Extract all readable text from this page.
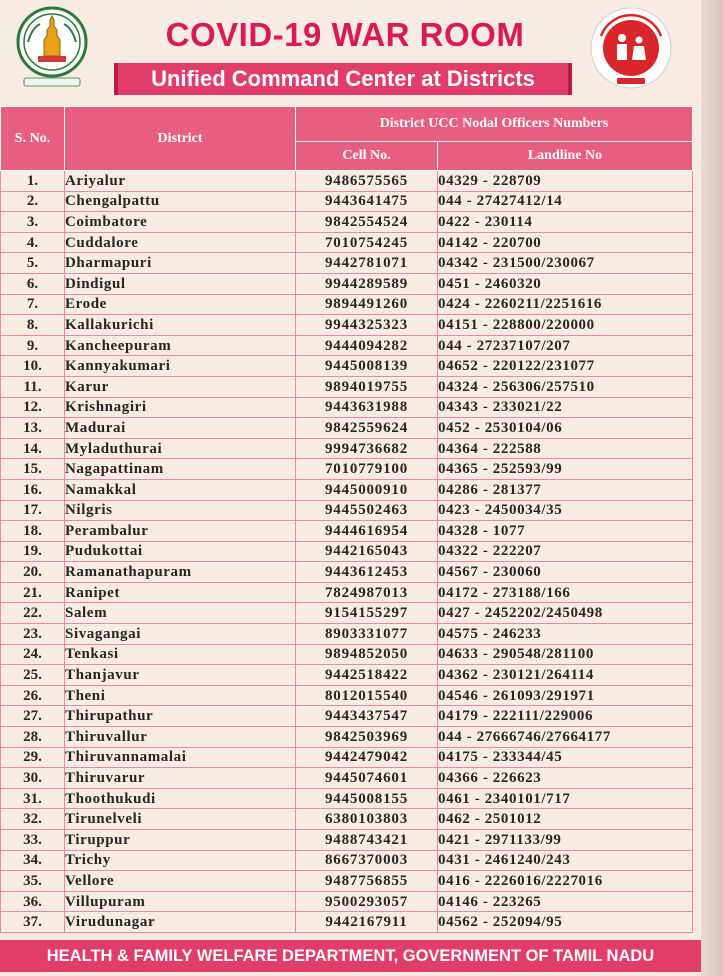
COVID-19 WAR ROOM
Unified Command Center at Districts
S. No.	District	District UCC Nodal Officers Numbers	
		Cell No.	Landline No
1.	Ariyalur	9486575565	04329 - 228709
2.	Chengalpattu	9443641475	044 - 27427412/14
3.	Coimbatore	9842554524	0422 - 230114
4.	Cuddalore	7010754245	04142 - 220700
5.	Dharmapuri	9442781071	04342 - 231500/230067
6.	Dindigul	9944289589	0451 - 2460320
7.	Erode	9894491260	0424 - 2260211/2251616
8.	Kallakurichi	9944325323	04151 - 228800/220000
9.	Kancheepuram	9444094282	044 - 27237107/207
10.	Kannyakumari	9445008139	04652 - 220122/231077
11.	Karur	9894019755	04324 - 256306/257510
12.	Krishnagiri	9443631988	04343 - 233021/22
13.	Madurai	9842559624	0452 - 2530104/06
14.	Myladuthurai	9994736682	04364 - 222588
15.	Nagapattinam	7010779100	04365 - 252593/99
16.	Namakkal	9445000910	04286 - 281377
17.	Nilgris	9445502463	0423 - 2450034/35
18.	Perambalur	9444616954	04328 - 1077
19.	Pudukottai	9442165043	04322 - 222207
20.	Ramanathapuram	9443612453	04567 - 230060
21.	Ranipet	7824987013	04172 - 273188/166
22.	Salem	9154155297	0427 - 2452202/2450498
23.	Sivagangai	8903331077	04575 - 246233
24.	Tenkasi	9894852050	04633 - 290548/281100
25.	Thanjavur	9442518422	04362 - 230121/264114
26.	Theni	8012015540	04546 - 261093/291971
27.	Thirupathur	9443437547	04179 - 222111/229006
28.	Thiruvallur	9842503969	044 - 27666746/27664177
29.	Thiruvannamalai	9442479042	04175 - 233344/45
30.	Thiruvarur	9445074601	04366 - 226623
31.	Thoothukudi	9445008155	0461 - 2340101/717
32.	Tirunelveli	6380103803	0462 - 2501012
33.	Tiruppur	9488743421	0421 - 2971133/99
34.	Trichy	8667370003	0431 - 2461240/243
35.	Vellore	9487756855	0416 - 2226016/2227016
36.	Villupuram	9500293057	04146 - 223265
37.	Virudunagar	9442167911	04562 - 252094/95
HEALTH & FAMILY WELFARE DEPARTMENT, GOVERNMENT OF TAMIL NADU
